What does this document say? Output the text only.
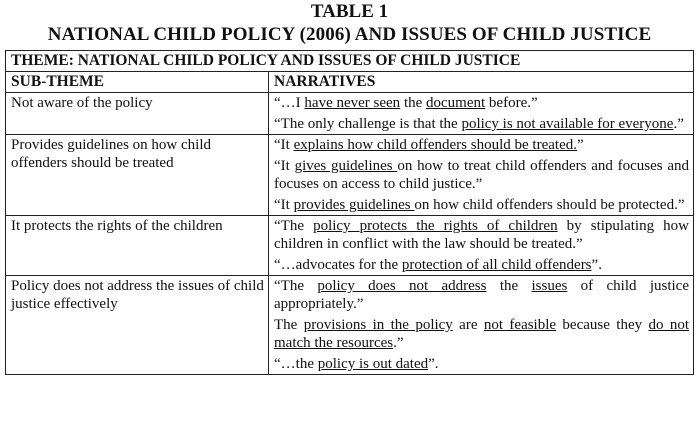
TABLE 1

NATIONAL CHILD POLICY (2006) AND ISSUES OF CHILD JUSTICE

THEME: NATIONAL CHILD POLICY AND ISSUES OF CHILD JUSTICE	
SUB-THEME	NARRATIVES
Not aware of the policy	“…I have never seen the document before.”
“The only challenge is that the policy is not available for everyone.”

Provides guidelines on how child offenders should be treated	“It explains how child offenders should be treated.”
“It gives guidelines on how to treat child offenders and focuses and focuses on access to child justice.”
“It provides guidelines on how child offenders should be protected.”

It protects the rights of the children	“The policy protects the rights of children by stipulating how children in conflict with the law should be treated.”
“…advocates for the protection of all child offenders”.

Policy does not address the issues of child justice effectively	“The policy does not address the issues of child justice appropriately.”
The provisions in the policy are not feasible because they do not match the resources.”
“…the policy is out dated”.
